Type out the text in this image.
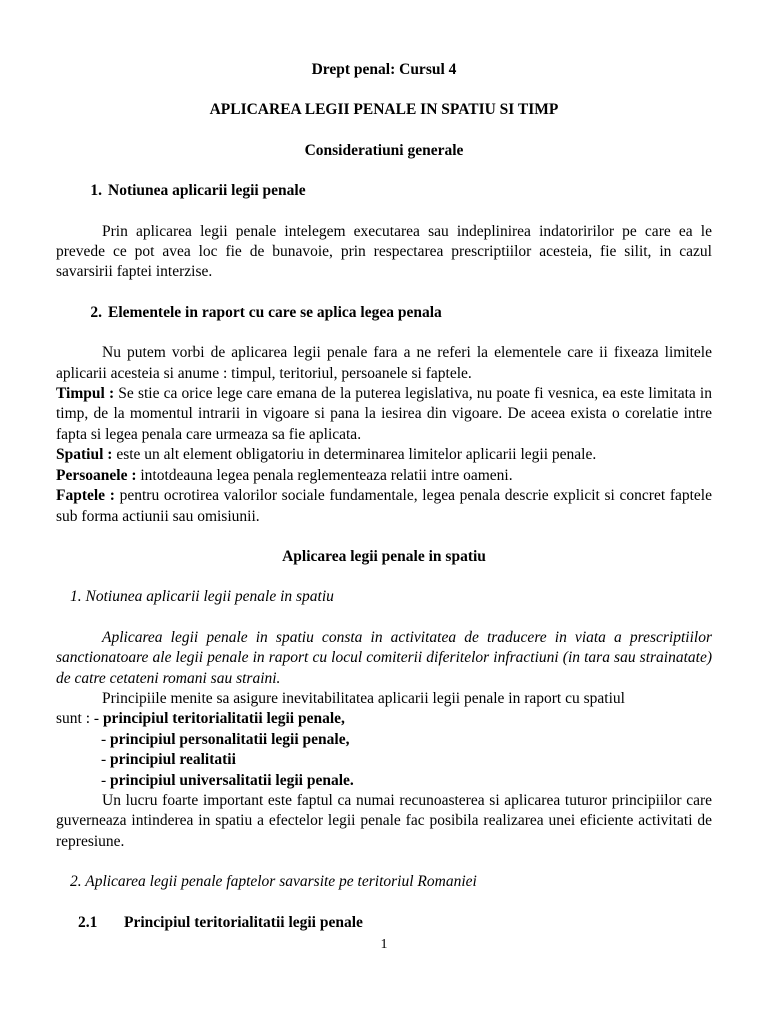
Drept penal: Cursul 4
APLICAREA LEGII PENALE IN SPATIU SI TIMP
Consideratiuni generale
1. Notiunea aplicarii legii penale
Prin aplicarea legii penale intelegem executarea sau indeplinirea indatoririlor pe care ea le prevede ce pot avea loc fie de bunavoie, prin respectarea prescriptiilor acesteia, fie silit, in cazul savarsirii faptei interzise.
2. Elementele in raport cu care se aplica legea penala
Nu putem vorbi de aplicarea legii penale fara a ne referi la elementele care ii fixeaza limitele aplicarii acesteia si anume : timpul, teritoriul, persoanele si faptele.
Timpul : Se stie ca orice lege care emana de la puterea legislativa, nu poate fi vesnica, ea este limitata in timp, de la momentul intrarii in vigoare si pana la iesirea din vigoare. De aceea exista o corelatie intre fapta si legea penala care urmeaza sa fie aplicata.
Spatiul : este un alt element obligatoriu in determinarea limitelor aplicarii legii penale.
Persoanele : intotdeauna legea penala reglementeaza relatii intre oameni.
Faptele : pentru ocrotirea valorilor sociale fundamentale, legea penala descrie explicit si concret faptele sub forma actiunii sau omisiunii.
Aplicarea legii penale in spatiu
1. Notiunea aplicarii legii penale in spatiu
Aplicarea legii penale in spatiu consta in activitatea de traducere in viata a prescriptiilor sanctionatoare ale legii penale in raport cu locul comiterii diferitelor infractiuni (in tara sau strainatate) de catre cetateni romani sau straini.
Principiile menite sa asigure inevitabilitatea aplicarii legii penale in raport cu spatiul
sunt : - principiul teritorialitatii legii penale,
- principiul personalitatii legii penale,
- principiul realitatii
- principiul universalitatii legii penale.
Un lucru foarte important este faptul ca numai recunoasterea si aplicarea tuturor principiilor care guverneaza intinderea in spatiu a efectelor legii penale fac posibila realizarea unei eficiente activitati de represiune.
2. Aplicarea legii penale faptelor savarsite pe teritoriul Romaniei
2.1	Principiul teritorialitatii legii penale
1
